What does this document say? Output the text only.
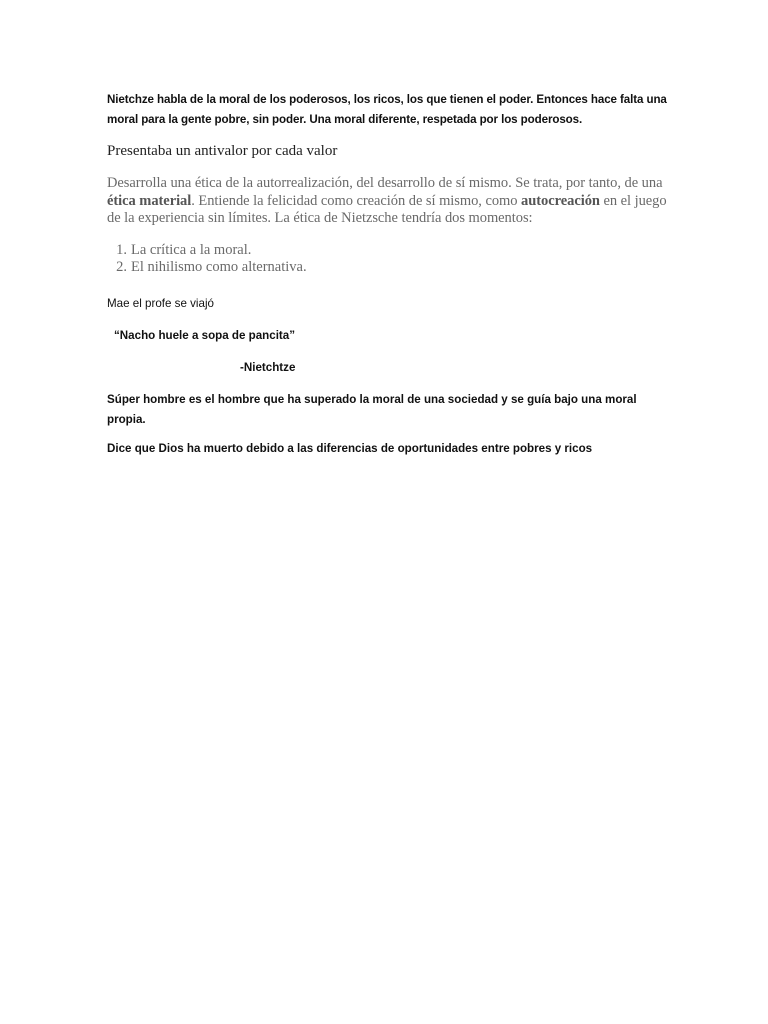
Nietchze habla de la moral de los poderosos, los ricos, los que tienen el poder. Entonces hace falta una moral para la gente pobre, sin poder. Una moral diferente, respetada por los poderosos.

Presentaba un antivalor por cada valor

Desarrolla una ética de la autorrealización, del desarrollo de sí mismo. Se trata, por tanto, de una ética material. Entiende la felicidad como creación de sí mismo, como autocreación en el juego de la experiencia sin límites. La ética de Nietzsche tendría dos momentos:

1. La crítica a la moral.
2. El nihilismo como alternativa.

Mae el profe se viajó

“Nacho huele a sopa de pancita”

-Nietchtze

Súper hombre es el hombre que ha superado la moral de una sociedad y se guía bajo una moral propia.

Dice que Dios ha muerto debido a las diferencias de oportunidades entre pobres y ricos
